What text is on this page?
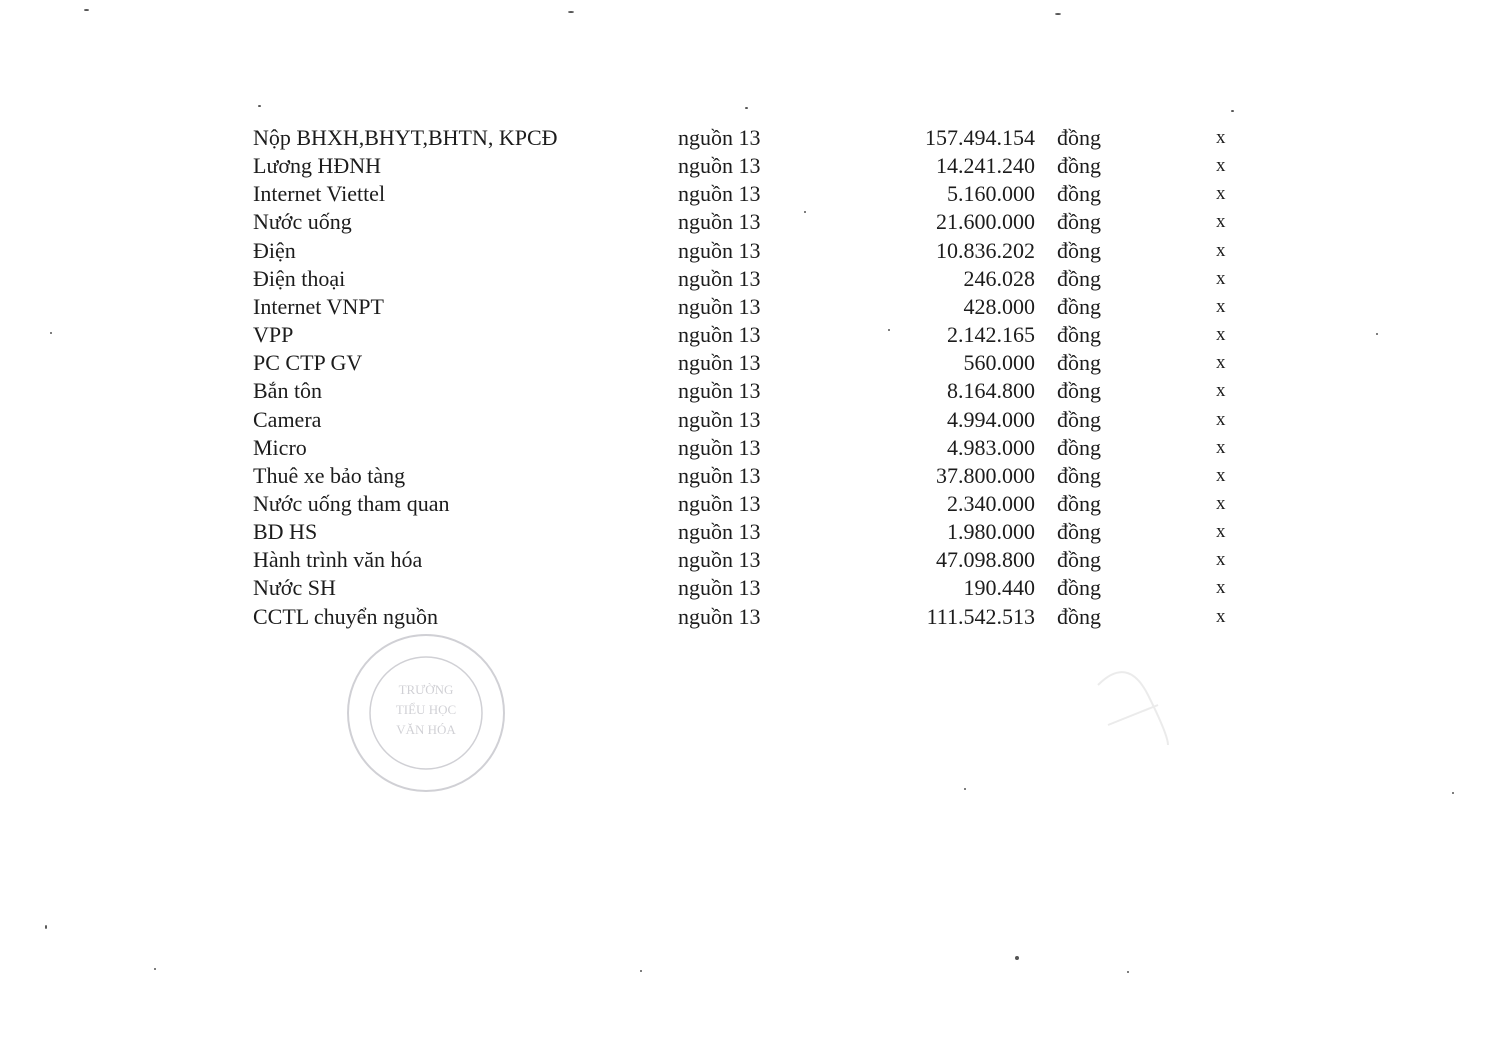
Nộp BHXH,BHYT,BHTN, KPCĐ	nguồn 13	157.494.154 đồng	x
Lương HĐNH	nguồn 13	14.241.240 đồng	x
Internet Viettel	nguồn 13	5.160.000 đồng	x
Nước uống	nguồn 13	21.600.000 đồng	x
Điện	nguồn 13	10.836.202 đồng	x
Điện thoại	nguồn 13	246.028 đồng	x
Internet VNPT	nguồn 13	428.000 đồng	x
VPP	nguồn 13	2.142.165 đồng	x
PC CTP GV	nguồn 13	560.000 đồng	x
Bắn tôn	nguồn 13	8.164.800 đồng	x
Camera	nguồn 13	4.994.000 đồng	x
Micro	nguồn 13	4.983.000 đồng	x
Thuê xe bảo tàng	nguồn 13	37.800.000 đồng	x
Nước uống tham quan	nguồn 13	2.340.000 đồng	x
BD HS	nguồn 13	1.980.000 đồng	x
Hành trình văn hóa	nguồn 13	47.098.800 đồng	x
Nước SH	nguồn 13	190.440 đồng	x
CCTL chuyển nguồn	nguồn 13	111.542.513 đồng	x
TRƯỜNG
TIỂU HỌC
VĂN HÓA
